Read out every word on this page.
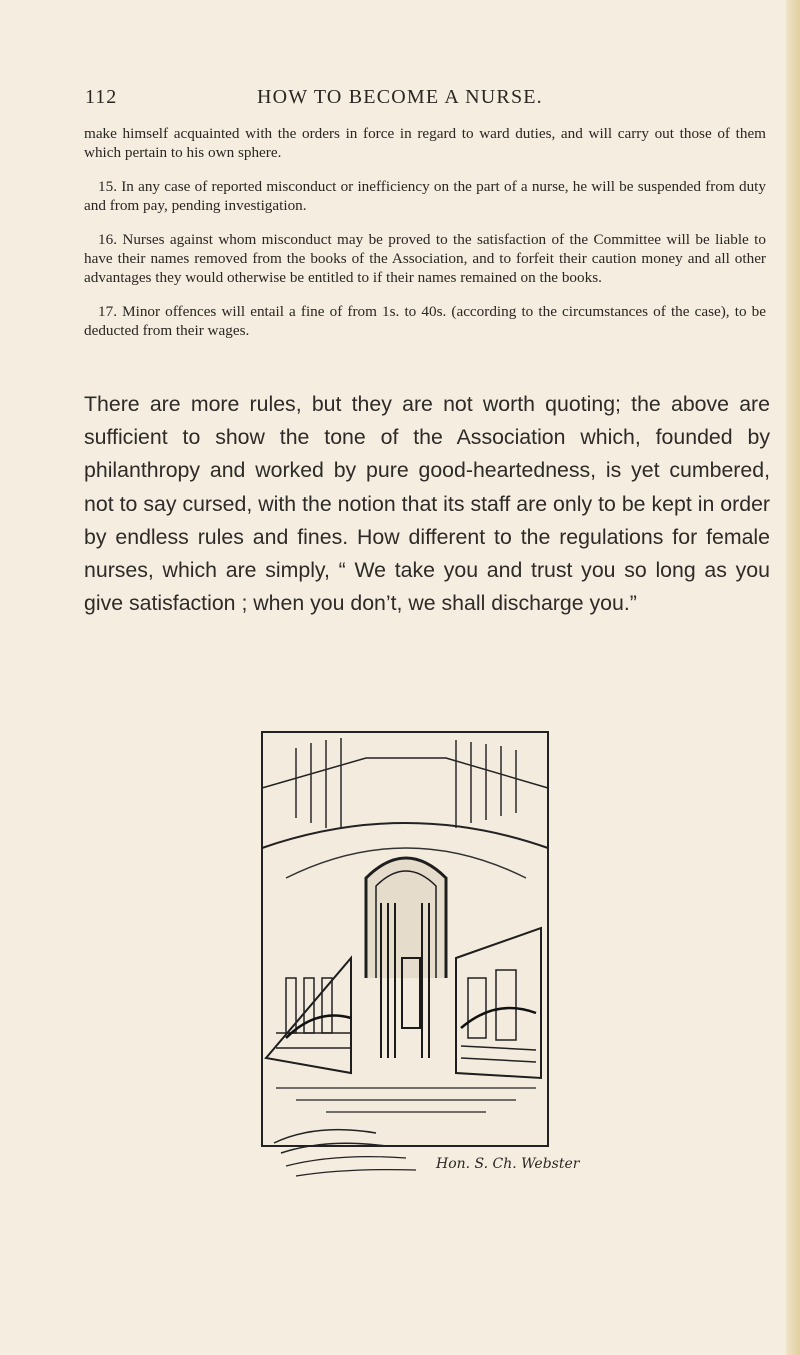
112	HOW TO BECOME A NURSE.

make himself acquainted with the orders in force in regard to ward duties, and will carry out those of them which pertain to his own sphere.

15. In any case of reported misconduct or inefficiency on the part of a nurse, he will be suspended from duty and from pay, pending investigation.

16. Nurses against whom misconduct may be proved to the satisfaction of the Committee will be liable to have their names removed from the books of the Association, and to forfeit their caution money and all other advantages they would otherwise be entitled to if their names remained on the books.

17. Minor offences will entail a fine of from 1s. to 40s. (according to the circumstances of the case), to be deducted from their wages.

There are more rules, but they are not worth quoting; the above are sufficient to show the tone of the Association which, founded by philanthropy and worked by pure good-heartedness, is yet cumbered, not to say cursed, with the notion that its staff are only to be kept in order by endless rules and fines. How different to the regulations for female nurses, which are simply, “ We take you and trust you so long as you give satisfaction ; when you don’t, we shall discharge you.”

Hon. S. Ch. Webster
